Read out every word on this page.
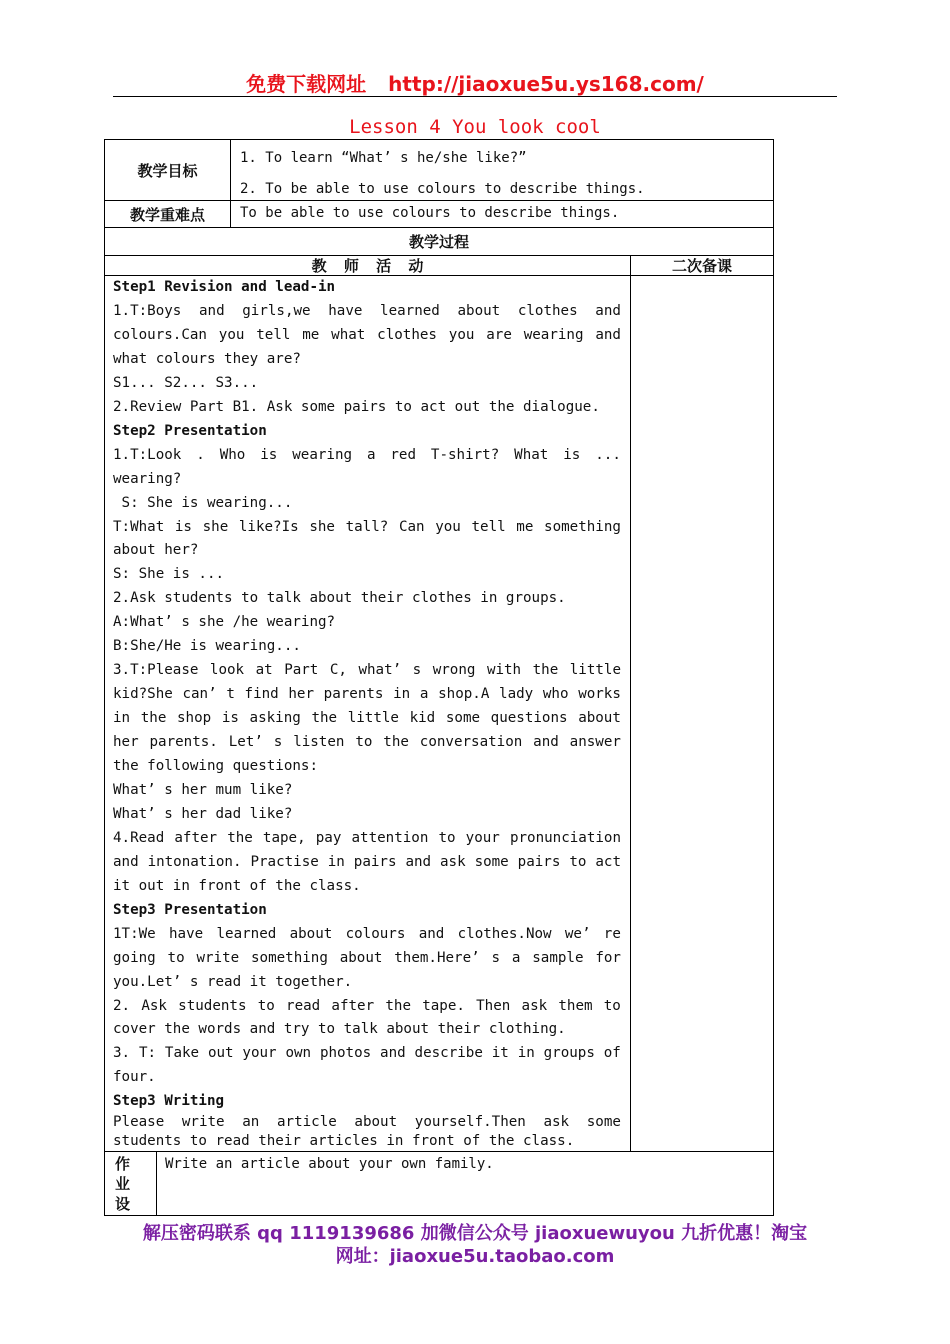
免费下载网址 http://jiaoxue5u.ys168.com/
Lesson 4 You look cool
教学目标
1. To learn “What’ s he/she like?”
2. To be able to use colours to describe things.
教学重难点	To be able to use colours to describe things.
教学过程
教 师 活 动	二次备课
Step1 Revision and lead-in
1.T:Boys and girls,we have learned about clothes and
colours.Can you tell me what clothes you are wearing and
what colours they are?
S1... S2... S3...
2.Review Part B1. Ask some pairs to act out the dialogue.
Step2 Presentation
1.T:Look . Who is wearing a red T-shirt? What is ...
wearing?
S: She is wearing...
T:What is she like?Is she tall? Can you tell me something
about her?
S: She is ...
2.Ask students to talk about their clothes in groups.
A:What’ s she /he wearing?
B:She/He is wearing...
3.T:Please look at Part C, what’ s wrong with the little
kid?She can’ t find her parents in a shop.A lady who works
in the shop is asking the little kid some questions about
her parents. Let’ s listen to the conversation and answer
the following questions:
What’ s her mum like?
What’ s her dad like?
4.Read after the tape, pay attention to your pronunciation
and intonation. Practise in pairs and ask some pairs to act
it out in front of the class.
Step3 Presentation
1T:We have learned about colours and clothes.Now we’ re
going to write something about them.Here’ s a sample for
you.Let’ s read it together.
2. Ask students to read after the tape. Then ask them to
cover the words and try to talk about their clothing.
3. T: Take out your own photos and describe it in groups of
four.
Step3 Writing
Please write an article about yourself.Then ask some
students to read their articles in front of the class.
作
业
设
Write an article about your own family.
解压密码联系 qq 1119139686 加微信公众号 jiaoxuewuyou 九折优惠！淘宝
网址：jiaoxue5u.taobao.com
